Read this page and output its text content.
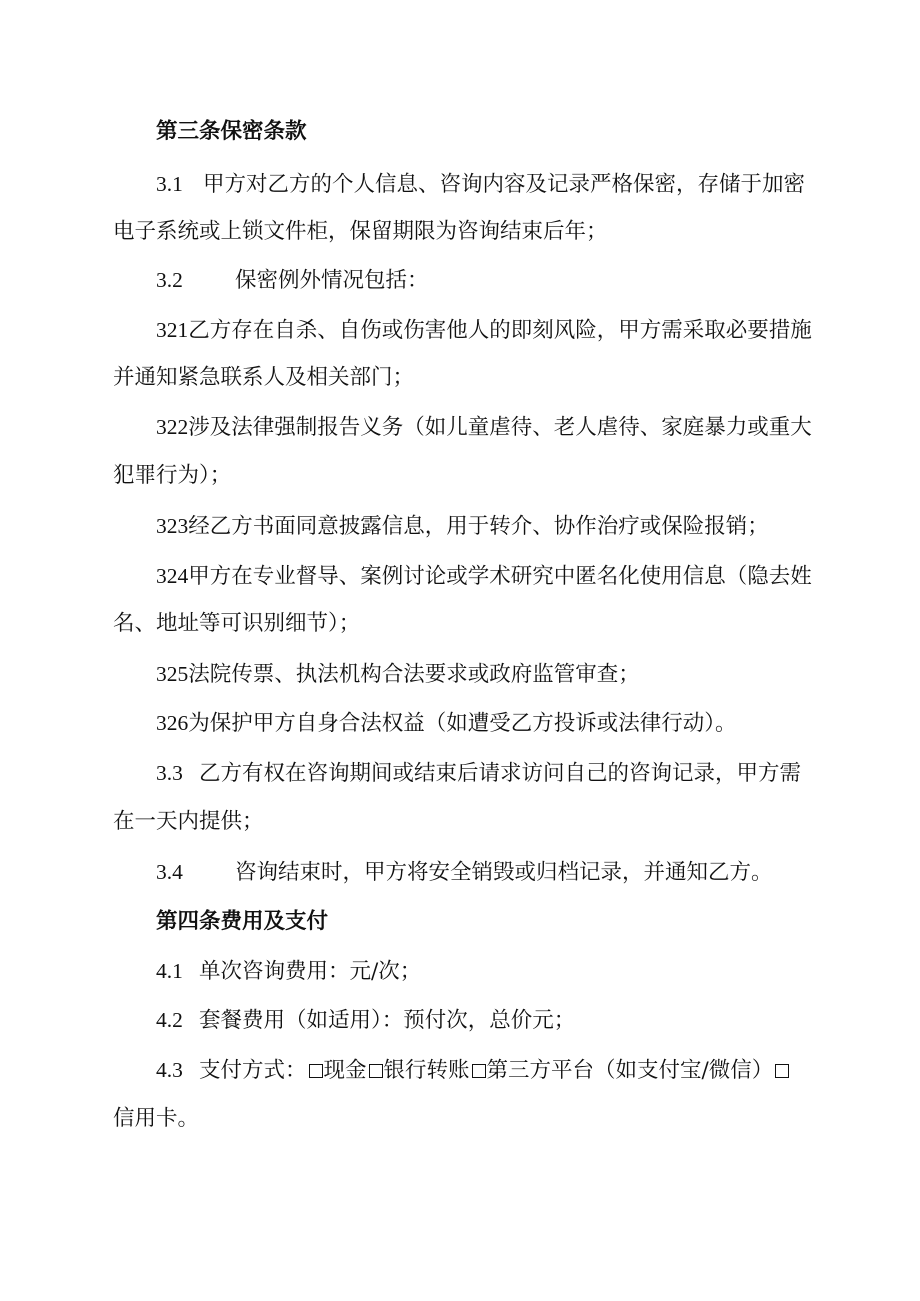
第三条保密条款
3.1 甲方对乙方的个人信息、咨询内容及记录严格保密，存储于加密
电子系统或上锁文件柜，保留期限为咨询结束后年；
3.2 保密例外情况包括：
321乙方存在自杀、自伤或伤害他人的即刻风险，甲方需采取必要措施
并通知紧急联系人及相关部门；
322涉及法律强制报告义务（如儿童虐待、老人虐待、家庭暴力或重大
犯罪行为）；
323经乙方书面同意披露信息，用于转介、协作治疗或保险报销；
324甲方在专业督导、案例讨论或学术研究中匿名化使用信息（隐去姓
名、地址等可识别细节）；
325法院传票、执法机构合法要求或政府监管审查；
326为保护甲方自身合法权益（如遭受乙方投诉或法律行动）。
3.3 乙方有权在咨询期间或结束后请求访问自己的咨询记录，甲方需
在一天内提供；
3.4 咨询结束时，甲方将安全销毁或归档记录，并通知乙方。
第四条费用及支付
4.1 单次咨询费用：元/次；
4.2 套餐费用（如适用）：预付次，总价元；
4.3 支付方式： 现金 银行转账 第三方平台（如支付宝/微信）
信用卡。
